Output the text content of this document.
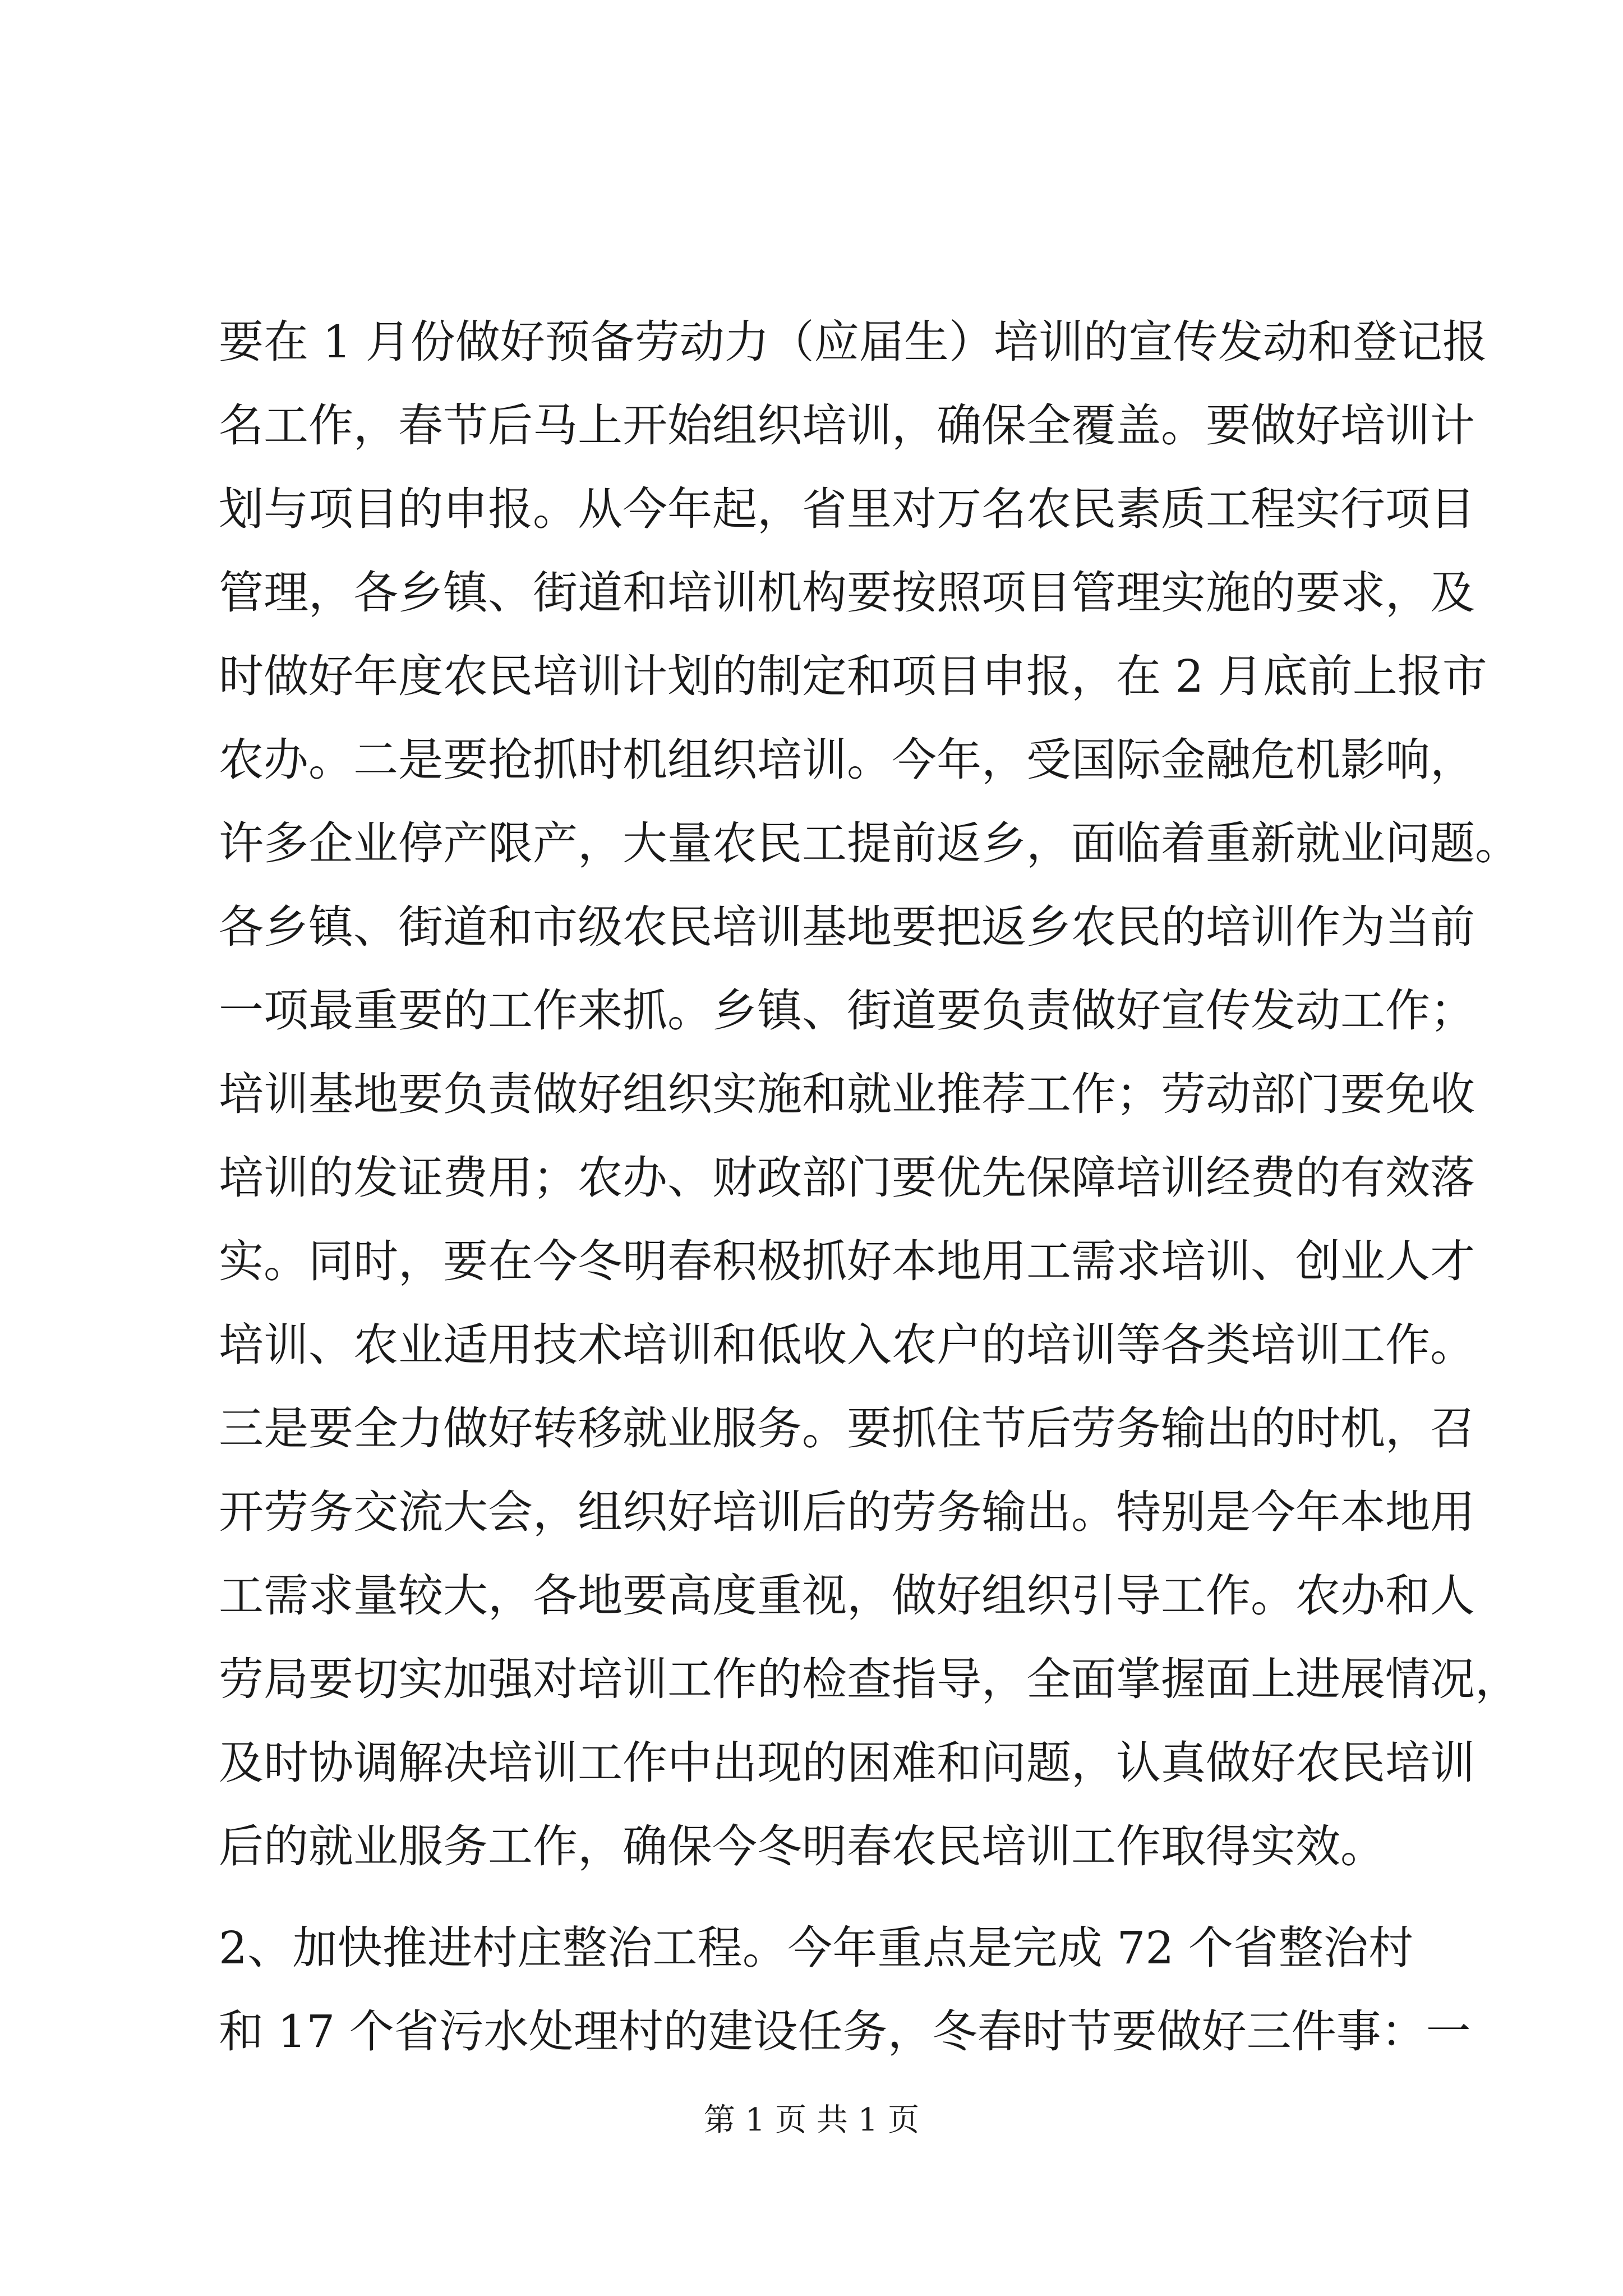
要在 1 月份做好预备劳动力（应届生）培训的宣传发动和登记报
名工作，春节后马上开始组织培训，确保全覆盖。要做好培训计
划与项目的申报。从今年起，省里对万名农民素质工程实行项目
管理，各乡镇、街道和培训机构要按照项目管理实施的要求，及
时做好年度农民培训计划的制定和项目申报，在 2 月底前上报市
农办。二是要抢抓时机组织培训。今年，受国际金融危机影响，
许多企业停产限产，大量农民工提前返乡，面临着重新就业问题。
各乡镇、街道和市级农民培训基地要把返乡农民的培训作为当前
一项最重要的工作来抓。乡镇、街道要负责做好宣传发动工作；
培训基地要负责做好组织实施和就业推荐工作；劳动部门要免收
培训的发证费用；农办、财政部门要优先保障培训经费的有效落
实。同时，要在今冬明春积极抓好本地用工需求培训、创业人才
培训、农业适用技术培训和低收入农户的培训等各类培训工作。
三是要全力做好转移就业服务。要抓住节后劳务输出的时机，召
开劳务交流大会，组织好培训后的劳务输出。特别是今年本地用
工需求量较大，各地要高度重视，做好组织引导工作。农办和人
劳局要切实加强对培训工作的检查指导，全面掌握面上进展情况，
及时协调解决培训工作中出现的困难和问题，认真做好农民培训
后的就业服务工作，确保今冬明春农民培训工作取得实效。
2、加快推进村庄整治工程。今年重点是完成 72 个省整治村
和 17 个省污水处理村的建设任务，冬春时节要做好三件事：一
第 1 页 共 1 页
